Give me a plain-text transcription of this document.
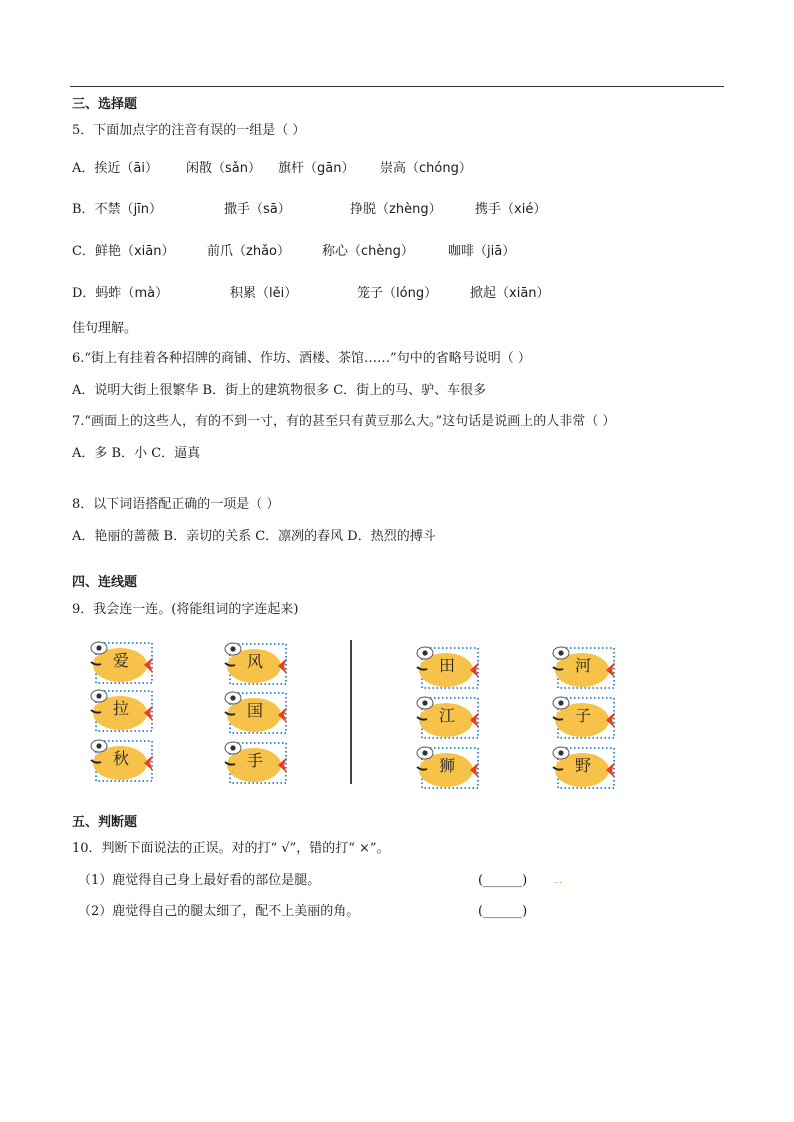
三、选择题
5．下面加点字的注音有误的一组是（ ）
A．挨近（āi） 闲散（sǎn） 旗杆（gān） 崇高（chóng）
B．不禁（jīn）	撒手（sā）	挣脱（zhèng）	携手（xié）
C．鲜艳（xiān）	前爪（zhǎo） 称心（chèng）	咖啡（jiā）
D．蚂蚱（mà）	积累（lěi）	笼子（lóng）	掀起（xiān）
佳句理解。
6.“街上有挂着各种招牌的商铺、作坊、酒楼、茶馆……”句中的省略号说明（ ）
A．说明大街上很繁华 B．街上的建筑物很多 C．街上的马、驴、车很多
7.“画面上的这些人，有的不到一寸，有的甚至只有黄豆那么大。”这句话是说画上的人非常（ ）
A．多 B．小 C．逼真
8．以下词语搭配正确的一项是（ ）
A．艳丽的蔷薇 B．亲切的关系 C．凛冽的春风 D．热烈的搏斗
四、连线题
9．我会连一连。(将能组词的字连起来)
爱
拉
秋
风
国
手
田
江
狮
河
子
野
五、判断题
10．判断下面说法的正误。对的打“ √”，错的打“ ×”。
（1）鹿觉得自己身上最好看的部位是腿。	(______)	...
（2）鹿觉得自己的腿太细了，配不上美丽的角。	(______)
